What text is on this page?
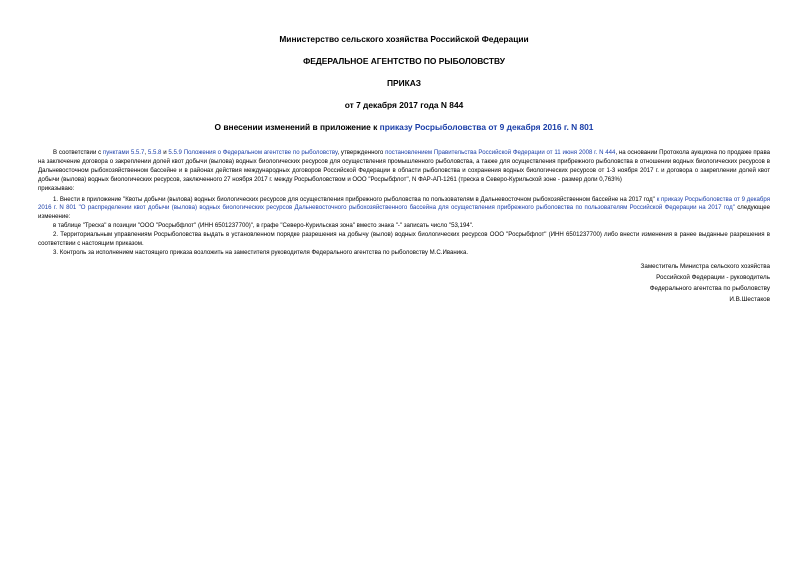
Министерство сельского хозяйства Российской Федерации
ФЕДЕРАЛЬНОЕ АГЕНТСТВО ПО РЫБОЛОВСТВУ
ПРИКАЗ
от 7 декабря 2017 года N 844
О внесении изменений в приложение к приказу Росрыболовства от 9 декабря 2016 г. N 801

В соответствии с пунктами 5.5.7, 5.5.8 и 5.5.9 Положения о Федеральном агентстве по рыболовству, утвержденного постановлением Правительства Российской Федерации от 11 июня 2008 г. N 444, на основании Протокола аукциона по продаже права на заключение договора о закреплении долей квот добычи (вылова) водных биологических ресурсов для осуществления промышленного рыболовства, а также для осуществления прибрежного рыболовства в отношении водных биологических ресурсов в Дальневосточном рыбохозяйственном бассейне и в районах действия международных договоров Российской Федерации в области рыболовства и сохранения водных биологических ресурсов от 1-3 ноября 2017 г. и договора о закреплении долей квот добычи (вылова) водных биологических ресурсов, заключенного 27 ноября 2017 г. между Росрыболовством и ООО "Росрыбфлот", N ФАР-АП-1261 (треска в Северо-Курильской зоне - размер доли 0,763%)

приказываю:

1. Внести в приложение "Квоты добычи (вылова) водных биологических ресурсов для осуществления прибрежного рыболовства по пользователям в Дальневосточном рыбохозяйственном бассейне на 2017 год" к приказу Росрыболовства от 9 декабря 2016 г. N 801 "О распределении квот добычи (вылова) водных биологических ресурсов Дальневосточного рыбохозяйственного бассейна для осуществления прибрежного рыболовства по пользователям Российской Федерации на 2017 год" следующее изменение:

в таблице "Треска" в позиции "ООО "Росрыбфлот" (ИНН 6501237700)", в графе "Северо-Курильская зона" вместо знака "-" записать число "53,194".

2. Территориальным управлениям Росрыболовства выдать в установленном порядке разрешения на добычу (вылов) водных биологических ресурсов ООО "Росрыбфлот" (ИНН 6501237700) либо внести изменения в ранее выданные разрешения в соответствии с настоящим приказом.

3. Контроль за исполнением настоящего приказа возложить на заместителя руководителя Федерального агентства по рыболовству М.С.Иваника.

Заместитель Министра сельского хозяйства
Российской Федерации - руководитель
Федерального агентства по рыболовству
И.В.Шестаков
